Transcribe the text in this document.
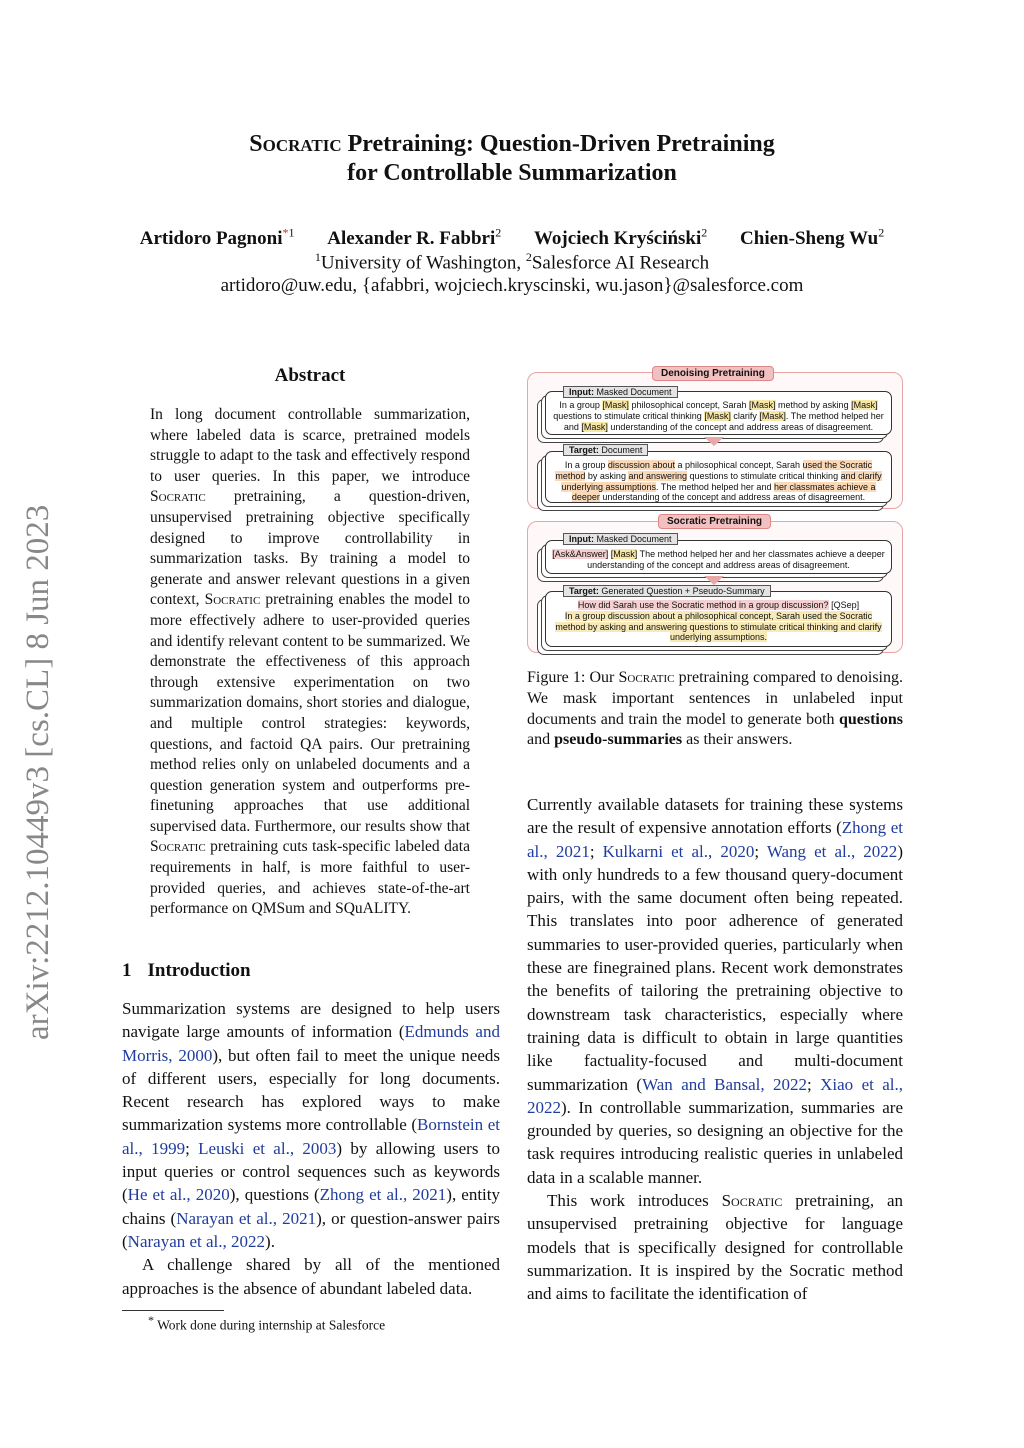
Socratic Pretraining: Question-Driven Pretraining
for Controllable Summarization
Artidoro Pagnoni$^{*1}$ Alexander R. Fabbri$^2$ Wojciech Kryściński$^2$ Chien-Sheng Wu$^2$
$^1$University of Washington, $^2$Salesforce AI Research
artidoro@uw.edu, {afabbri, wojciech.kryscinski, wu.jason}@salesforce.com
arXiv:2212.10449v3 [cs.CL] 8 Jun 2023
Abstract
In long document controllable summarization, where labeled data is scarce, pretrained models struggle to adapt to the task and effectively respond to user queries. In this paper, we introduce Socratic pretraining, a question-driven, unsupervised pretraining objective specifically designed to improve controllability in summarization tasks. By training a model to generate and answer relevant questions in a given context, Socratic pretraining enables the model to more effectively adhere to user-provided queries and identify relevant content to be summarized. We demonstrate the effectiveness of this approach through extensive experimentation on two summarization domains, short stories and dialogue, and multiple control strategies: keywords, questions, and factoid QA pairs. Our pretraining method relies only on unlabeled documents and a question generation system and outperforms pre-finetuning approaches that use additional supervised data. Furthermore, our results show that Socratic pretraining cuts task-specific labeled data requirements in half, is more faithful to user-provided queries, and achieves state-of-the-art performance on QMSum and SQuALITY.
1 Introduction

Summarization systems are designed to help users navigate large amounts of information (Edmunds and Morris, 2000), but often fail to meet the unique needs of different users, especially for long documents. Recent research has explored ways to make summarization systems more controllable (Bornstein et al., 1999; Leuski et al., 2003) by allowing users to input queries or control sequences such as keywords (He et al., 2020), questions (Zhong et al., 2021), entity chains (Narayan et al., 2021), or question-answer pairs (Narayan et al., 2022).

A challenge shared by all of the mentioned approaches is the absence of abundant labeled data.

* Work done during internship at Salesforce
Denoising Pretraining
In a group [Mask] philosophical concept, Sarah [Mask] method by asking [Mask] questions to stimulate critical thinking [Mask] clarify [Mask]. The method helped her and [Mask] understanding of the concept and address areas of disagreement.
Input: Masked Document
In a group discussion about a philosophical concept, Sarah used the Socratic method by asking and answering questions to stimulate critical thinking and clarify underlying assumptions. The method helped her and her classmates achieve a deeper understanding of the concept and address areas of disagreement.
Target: Document
Socratic Pretraining
[Ask&Answer] [Mask] The method helped her and her classmates achieve a deeper understanding of the concept and address areas of disagreement.
Input: Masked Document
How did Sarah use the Socratic method in a group discussion? [QSep]
In a group discussion about a philosophical concept, Sarah used the Socratic method by asking and answering questions to stimulate critical thinking and clarify underlying assumptions.
Target: Generated Question + Pseudo-Summary
Figure 1: Our Socratic pretraining compared to denoising. We mask important sentences in unlabeled input documents and train the model to generate both questions and pseudo-summaries as their answers.

Currently available datasets for training these systems are the result of expensive annotation efforts (Zhong et al., 2021; Kulkarni et al., 2020; Wang et al., 2022) with only hundreds to a few thousand query-document pairs, with the same document often being repeated. This translates into poor adherence of generated summaries to user-provided queries, particularly when these are finegrained plans. Recent work demonstrates the benefits of tailoring the pretraining objective to downstream task characteristics, especially where training data is difficult to obtain in large quantities like factuality-focused and multi-document summarization (Wan and Bansal, 2022; Xiao et al., 2022). In controllable summarization, summaries are grounded by queries, so designing an objective for the task requires introducing realistic queries in unlabeled data in a scalable manner.

This work introduces Socratic pretraining, an unsupervised pretraining objective for language models that is specifically designed for controllable summarization. It is inspired by the Socratic method and aims to facilitate the identification of
